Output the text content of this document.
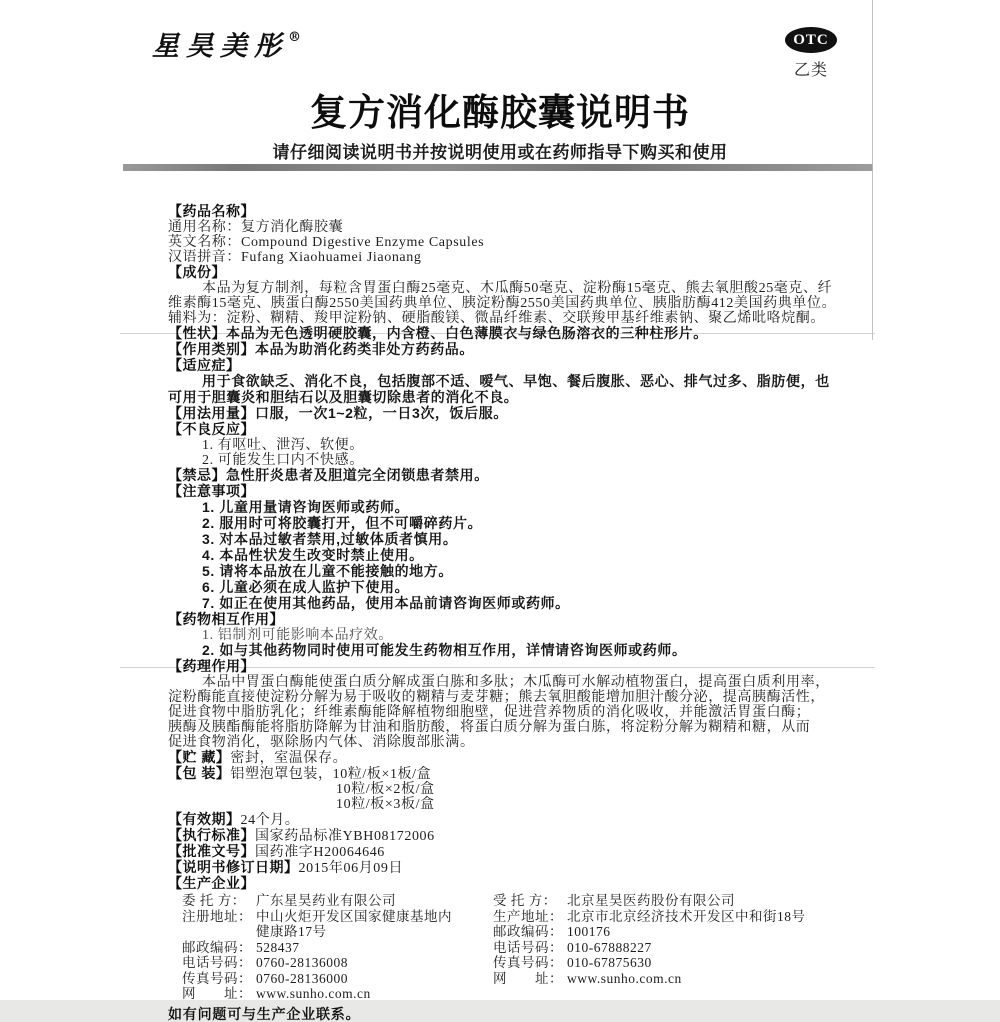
星昊美彤®	OTC
乙类
复方消化酶胶囊说明书
请仔细阅读说明书并按说明使用或在药师指导下购买和使用
【药品名称】
通用名称：复方消化酶胶囊
英文名称：Compound Digestive Enzyme Capsules
汉语拼音：Fufang Xiaohuamei Jiaonang
【成份】
本品为复方制剂，每粒含胃蛋白酶25毫克、木瓜酶50毫克、淀粉酶15毫克、熊去氧胆酸25毫克、纤
维素酶15毫克、胰蛋白酶2550美国药典单位、胰淀粉酶2550美国药典单位、胰脂肪酶412美国药典单位。
辅料为：淀粉、糊精、羧甲淀粉钠、硬脂酸镁、微晶纤维素、交联羧甲基纤维素钠、聚乙烯吡咯烷酮。
【性状】本品为无色透明硬胶囊，内含橙、白色薄膜衣与绿色肠溶衣的三种柱形片。
【作用类别】本品为助消化药类非处方药药品。
【适应症】
用于食欲缺乏、消化不良，包括腹部不适、嗳气、早饱、餐后腹胀、恶心、排气过多、脂肪便，也
可用于胆囊炎和胆结石以及胆囊切除患者的消化不良。
【用法用量】口服，一次1~2粒，一日3次，饭后服。
【不良反应】
1. 有呕吐、泄泻、软便。
2. 可能发生口内不快感。
【禁忌】急性肝炎患者及胆道完全闭锁患者禁用。
【注意事项】
1. 儿童用量请咨询医师或药师。
2. 服用时可将胶囊打开，但不可嚼碎药片。
3. 对本品过敏者禁用,过敏体质者慎用。
4. 本品性状发生改变时禁止使用。
5. 请将本品放在儿童不能接触的地方。
6. 儿童必须在成人监护下使用。
7. 如正在使用其他药品，使用本品前请咨询医师或药师。
【药物相互作用】
1. 铝制剂可能影响本品疗效。
2. 如与其他药物同时使用可能发生药物相互作用，详情请咨询医师或药师。
【药理作用】
本品中胃蛋白酶能使蛋白质分解成蛋白胨和多肽；木瓜酶可水解动植物蛋白，提高蛋白质利用率，
淀粉酶能直接使淀粉分解为易于吸收的糊精与麦芽糖；熊去氧胆酸能增加胆汁酸分泌，提高胰酶活性，
促进食物中脂肪乳化；纤维素酶能降解植物细胞壁，促进营养物质的消化吸收，并能激活胃蛋白酶；
胰酶及胰酯酶能将脂肪降解为甘油和脂肪酸，将蛋白质分解为蛋白胨，将淀粉分解为糊精和糖，从而
促进食物消化，驱除肠内气体、消除腹部胀满。
【贮 藏】密封，室温保存。
【包 装】铝塑泡罩包装，10粒/板×1板/盒
10粒/板×2板/盒
10粒/板×3板/盒
【有效期】24个月。
【执行标准】国家药品标准YBH08172006
【批准文号】国药准字H20064646
【说明书修订日期】2015年06月09日
【生产企业】
委 托 方： 广东星昊药业有限公司	受 托 方： 北京星昊医药股份有限公司
注册地址： 中山火炬开发区国家健康基地内	生产地址： 北京市北京经济技术开发区中和街18号
健康路17号	邮政编码： 100176
邮政编码： 528437	电话号码： 010-67888227
电话号码： 0760-28136008	传真号码： 010-67875630
传真号码： 0760-28136000	网　　址： www.sunho.com.cn
网　　址： www.sunho.com.cn
如有问题可与生产企业联系。
